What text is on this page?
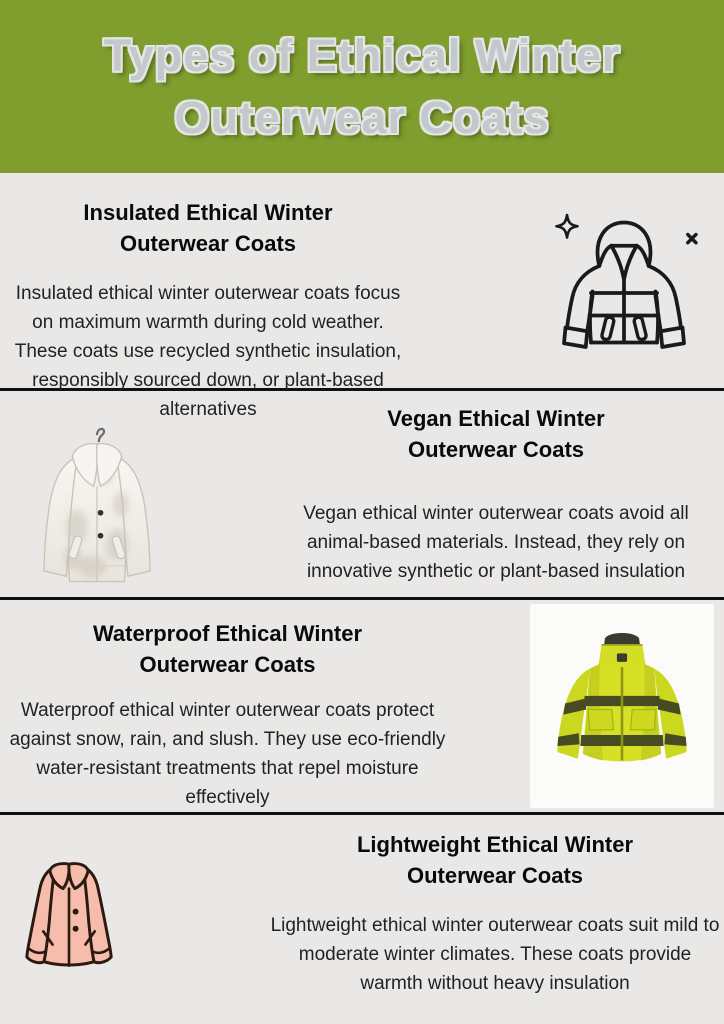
Types of Ethical Winter
Outerwear Coats
Insulated Ethical Winter
Outerwear Coats

Insulated ethical winter outerwear coats focus on maximum warmth during cold weather. These coats use recycled synthetic insulation, responsibly sourced down, or plant-based alternatives	Vegan Ethical Winter
Outerwear Coats

Vegan ethical winter outerwear coats avoid all animal-based materials. Instead, they rely on innovative synthetic or plant-based insulation

Waterproof Ethical Winter
Outerwear Coats

Waterproof ethical winter outerwear coats protect against snow, rain, and slush. They use eco-friendly water-resistant treatments that repel moisture effectively

Lightweight Ethical Winter
Outerwear Coats

Lightweight ethical winter outerwear coats suit mild to moderate winter climates. These coats provide warmth without heavy insulation
